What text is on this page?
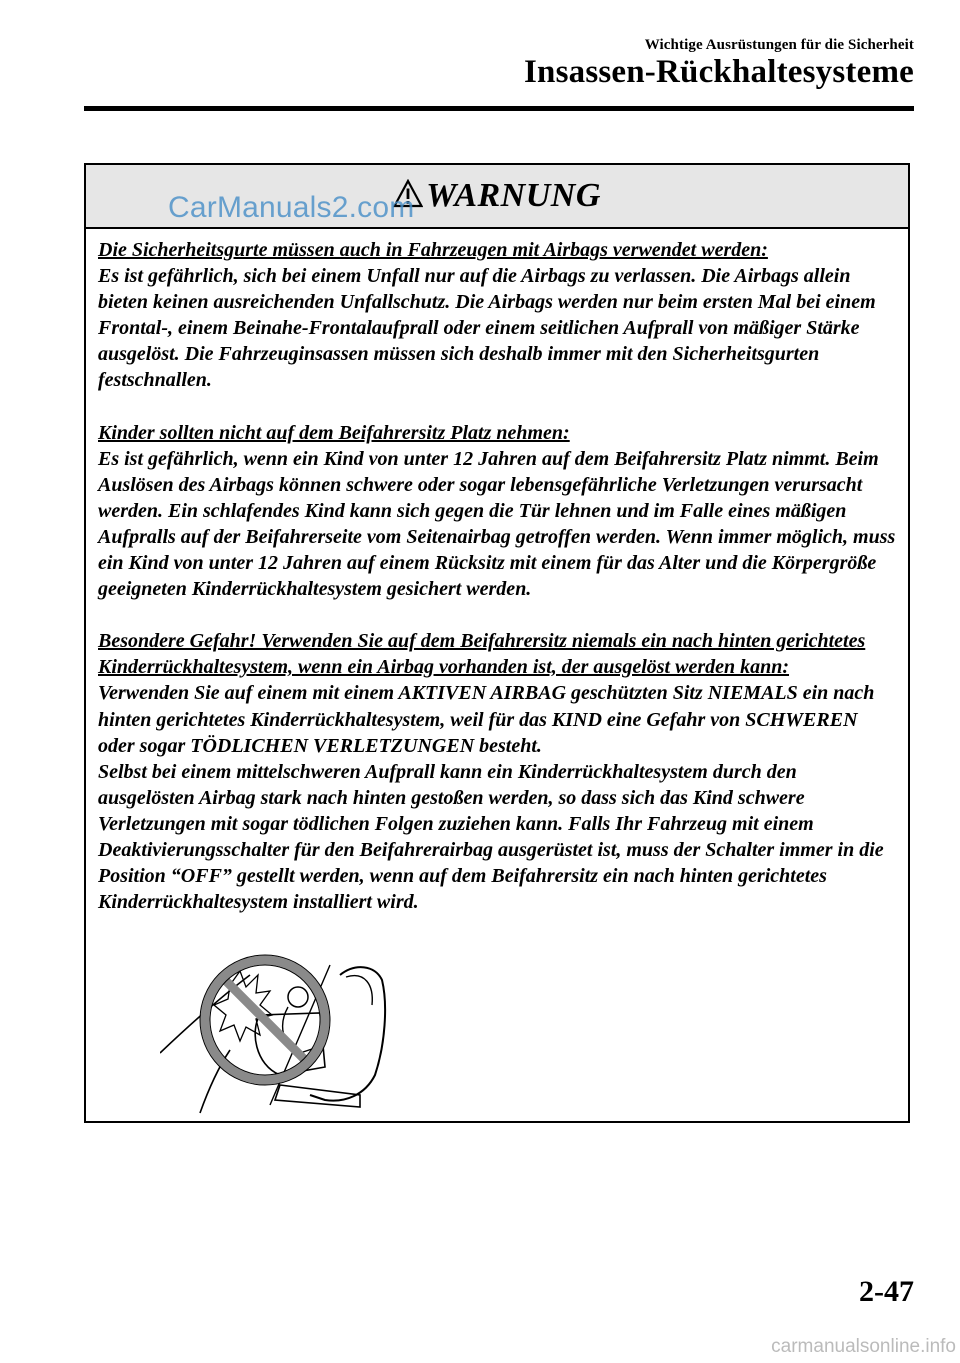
Wichtige Ausrüstungen für die Sicherheit
Insassen-Rückhaltesysteme
WARNUNG
CarManuals2.com
Die Sicherheitsgurte müssen auch in Fahrzeugen mit Airbags verwendet werden:
Es ist gefährlich, sich bei einem Unfall nur auf die Airbags zu verlassen. Die Airbags allein bieten keinen ausreichenden Unfallschutz. Die Airbags werden nur beim ersten Mal bei einem Frontal-, einem Beinahe-Frontalaufprall oder einem seitlichen Aufprall von mäßiger Stärke ausgelöst. Die Fahrzeuginsassen müssen sich deshalb immer mit den Sicherheitsgurten festschnallen.
Kinder sollten nicht auf dem Beifahrersitz Platz nehmen:
Es ist gefährlich, wenn ein Kind von unter 12 Jahren auf dem Beifahrersitz Platz nimmt. Beim Auslösen des Airbags können schwere oder sogar lebensgefährliche Verletzungen verursacht werden. Ein schlafendes Kind kann sich gegen die Tür lehnen und im Falle eines mäßigen Aufpralls auf der Beifahrerseite vom Seitenairbag getroffen werden. Wenn immer möglich, muss ein Kind von unter 12 Jahren auf einem Rücksitz mit einem für das Alter und die Körpergröße geeigneten Kinderrückhaltesystem gesichert werden.
Besondere Gefahr! Verwenden Sie auf dem Beifahrersitz niemals ein nach hinten gerichtetes Kinderrückhaltesystem, wenn ein Airbag vorhanden ist, der ausgelöst werden kann:
Verwenden Sie auf einem mit einem AKTIVEN AIRBAG geschützten Sitz NIEMALS ein nach hinten gerichtetes Kinderrückhaltesystem, weil für das KIND eine Gefahr von SCHWEREN oder sogar TÖDLICHEN VERLETZUNGEN besteht.
Selbst bei einem mittelschweren Aufprall kann ein Kinderrückhaltesystem durch den ausgelösten Airbag stark nach hinten gestoßen werden, so dass sich das Kind schwere Verletzungen mit sogar tödlichen Folgen zuziehen kann. Falls Ihr Fahrzeug mit einem Deaktivierungsschalter für den Beifahrerairbag ausgerüstet ist, muss der Schalter immer in die Position “OFF” gestellt werden, wenn auf dem Beifahrersitz ein nach hinten gerichtetes Kinderrückhaltesystem installiert wird.
2-47
carmanualsonline.info
